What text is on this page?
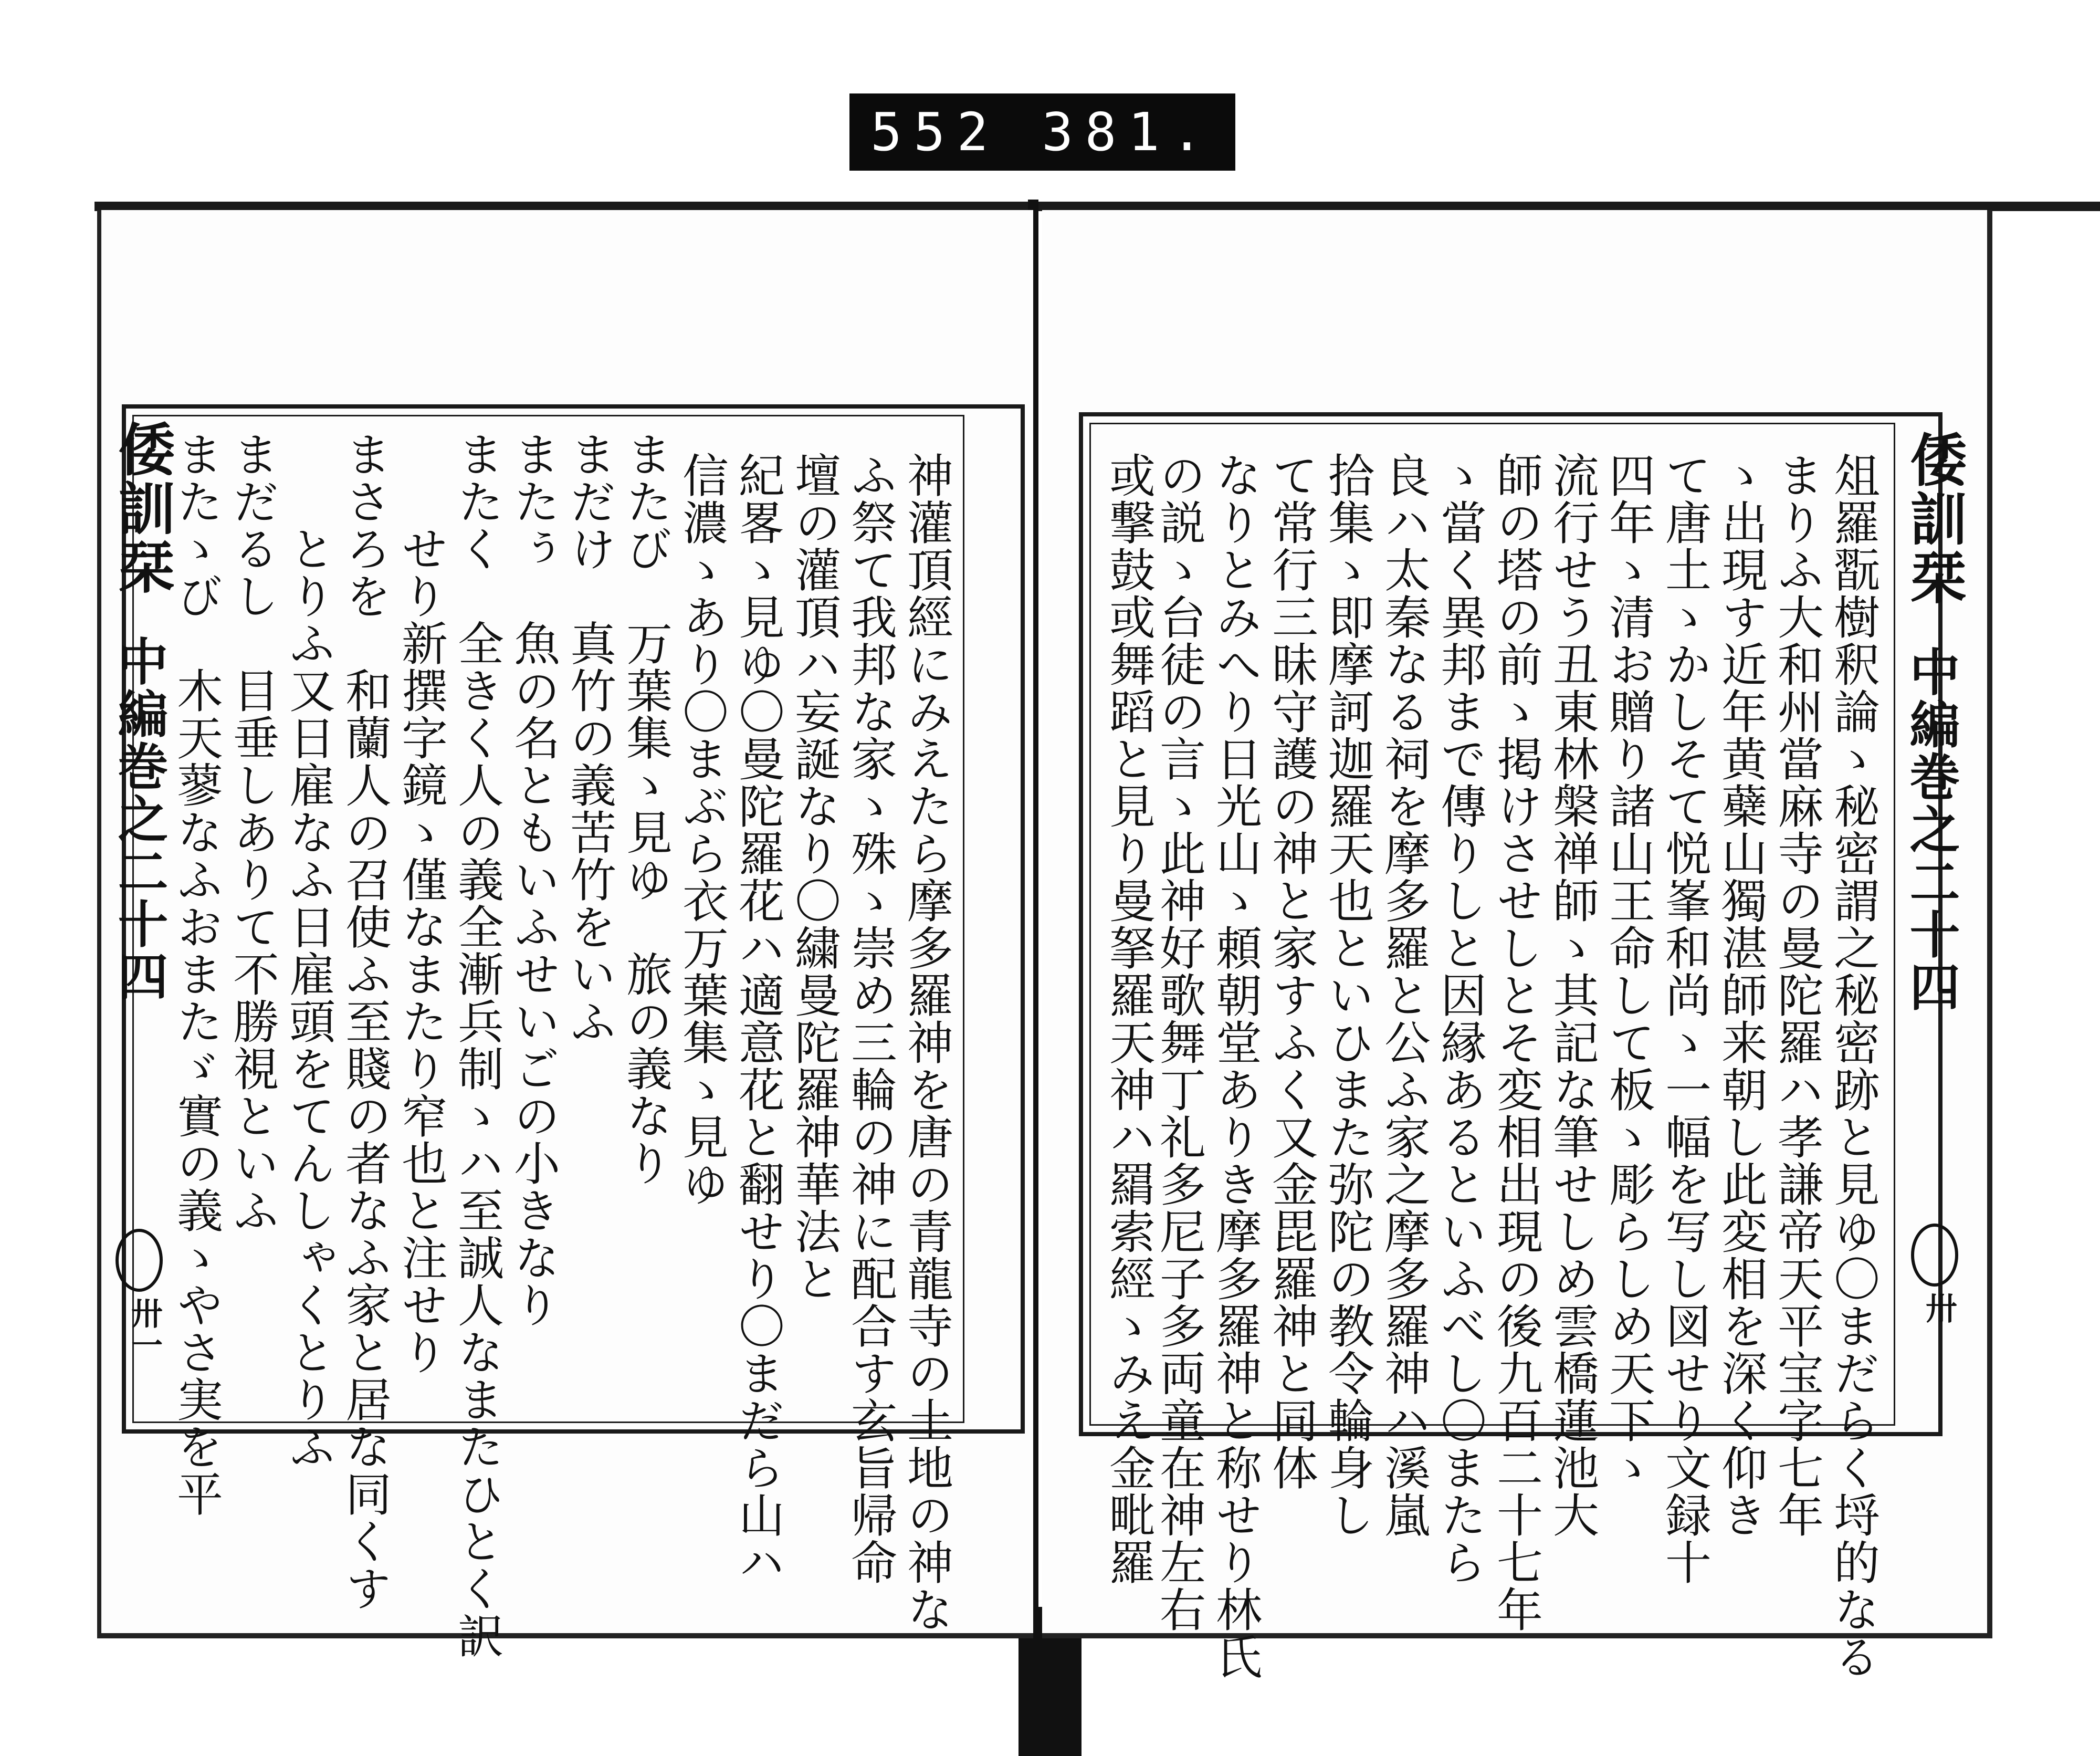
552 381.
倭訓栞
中編巻之二十四
卅一	神灌頂經にみえたら摩多羅神を唐の青龍寺の土地の神な
ふ祭て我邦な家ゝ殊ゝ崇め三輪の神に配合す玄旨帰命
壇の灌頂ハ妄誕なり〇繍曼陀羅神華法と
紀畧ゝ見ゆ〇曼陀羅花ハ適意花と翻せり〇まだら山ハ
信濃ゝあり〇まぶら衣万葉集ゝ見ゆ
またび　万葉集ゝ見ゆ　旅の義なり
まだけ　真竹の義苦竹をいふ
またぅ　魚の名ともいふせいごの小きなり
またく　全きく人の義全漸兵制ゝハ至誠人なまたひとく訳
せり新撰字鏡ゝ僅なまたり窄也と注せり
まさろを　和蘭人の召使ふ至賤の者なふ家と居な同くす
とりふ又日雇なふ日雇頭をてんしゃくとりふ
まだるし　目垂しありて不勝視といふ
またゝび　木天蓼なふおまたゞ實の義ゝやさ実を平	倭訓栞
中編巻之二十四
卅
俎羅翫樹釈論ゝ秘密謂之秘密跡と見ゆ〇まだらく埒的なる
まりふ大和州當麻寺の曼陀羅ハ孝謙帝天平宝字七年
ゝ出現す近年黄蘗山獨湛師来朝し此変相を深く仰き
て唐土ゝかしそて悦峯和尚ゝ一幅を写し図せり文録十
四年ゝ清お贈り諸山王命して板ゝ彫らしめ天下ゝ
流行せう丑東林槃禅師ゝ其記な筆せしめ雲橋蓮池大
師の塔の前ゝ掲けさせしとそ変相出現の後九百二十七年
ゝ當く異邦まで傳りしと因縁あるといふべし〇またら
良ハ太秦なる祠を摩多羅と公ふ家之摩多羅神ハ溪嵐
拾集ゝ即摩訶迦羅天也といひまた弥陀の教令輪身し
て常行三昧守護の神と家すふく又金毘羅神と同体
なりとみへり日光山ゝ頼朝堂ありき摩多羅神と称せり林氏
の説ゝ台徒の言ゝ此神好歌舞丁礼多尼子多両童在神左右
或撃鼓或舞蹈と見り曼拏羅天神ハ羂索經ゝみえ金毗羅
